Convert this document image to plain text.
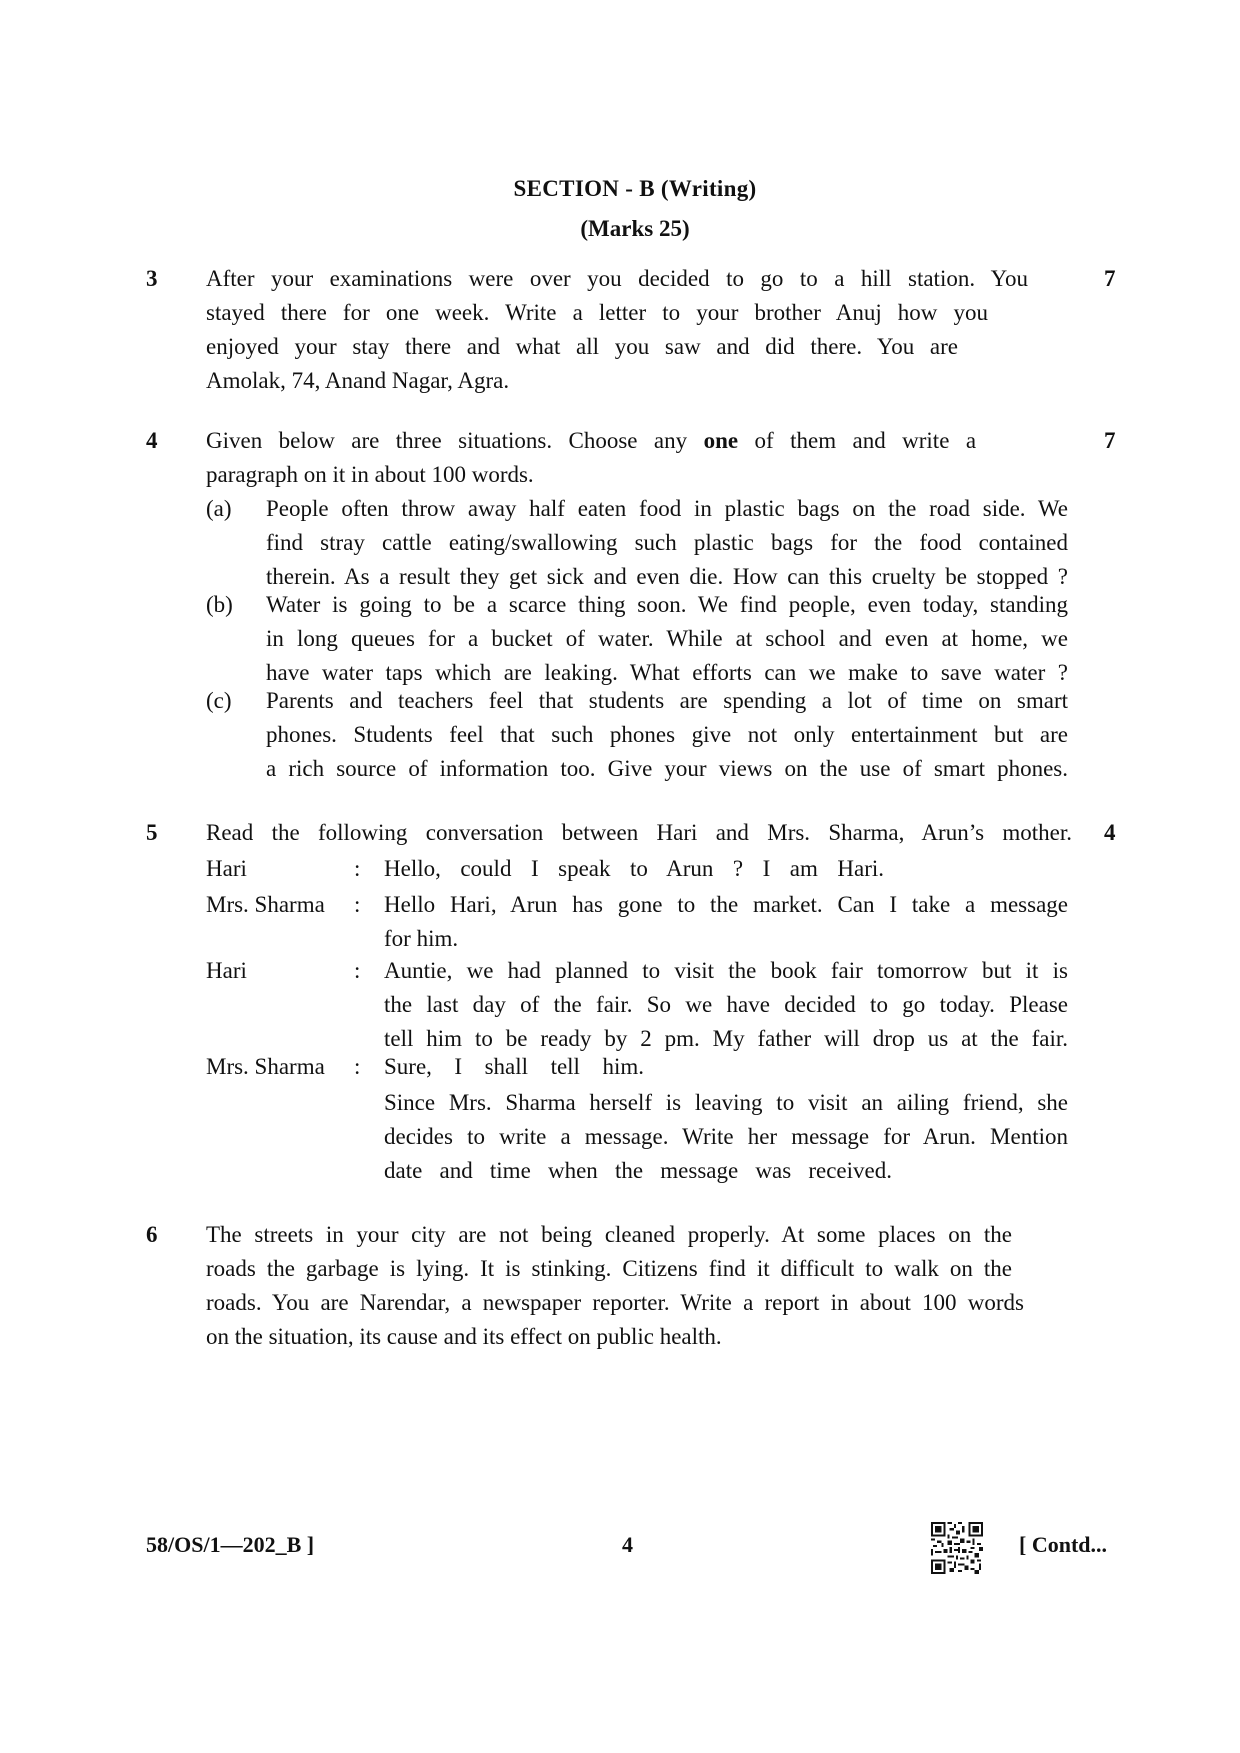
SECTION - B (Writing)
(Marks 25)
3	7
After your examinations were over you decided to go to a hill station. You
stayed there for one week. Write a letter to your brother Anuj how you
enjoyed your stay there and what all you saw and did there. You are
Amolak, 74, Anand Nagar, Agra.
4	7
Given below are three situations. Choose any one of them and write a
paragraph on it in about 100 words.
(a) People often throw away half eaten food in plastic bags on the road side. We
find stray cattle eating/swallowing such plastic bags for the food contained
therein. As a result they get sick and even die. How can this cruelty be stopped ?
(b) Water is going to be a scarce thing soon. We find people, even today, standing
in long queues for a bucket of water. While at school and even at home, we
have water taps which are leaking. What efforts can we make to save water ?
(c) Parents and teachers feel that students are spending a lot of time on smart
phones. Students feel that such phones give not only entertainment but are
a rich source of information too. Give your views on the use of smart phones.
5	4
Read the following conversation between Hari and Mrs. Sharma, Arun’s mother.
Hari	: Hello, could I speak to Arun ? I am Hari.
Mrs. Sharma : Hello Hari, Arun has gone to the market. Can I take a message
for him.
Hari	: Auntie, we had planned to visit the book fair tomorrow but it is
the last day of the fair. So we have decided to go today. Please
tell him to be ready by 2 pm. My father will drop us at the fair.
Mrs. Sharma : Sure, I shall tell him.
Since Mrs. Sharma herself is leaving to visit an ailing friend, she
decides to write a message. Write her message for Arun. Mention
date and time when the message was received.
6 The streets in your city are not being cleaned properly. At some places on the
roads the garbage is lying. It is stinking. Citizens find it difficult to walk on the
roads. You are Narendar, a newspaper reporter. Write a report in about 100 words
on the situation, its cause and its effect on public health.
58/OS/1—202_B ]	4	[ Contd...
